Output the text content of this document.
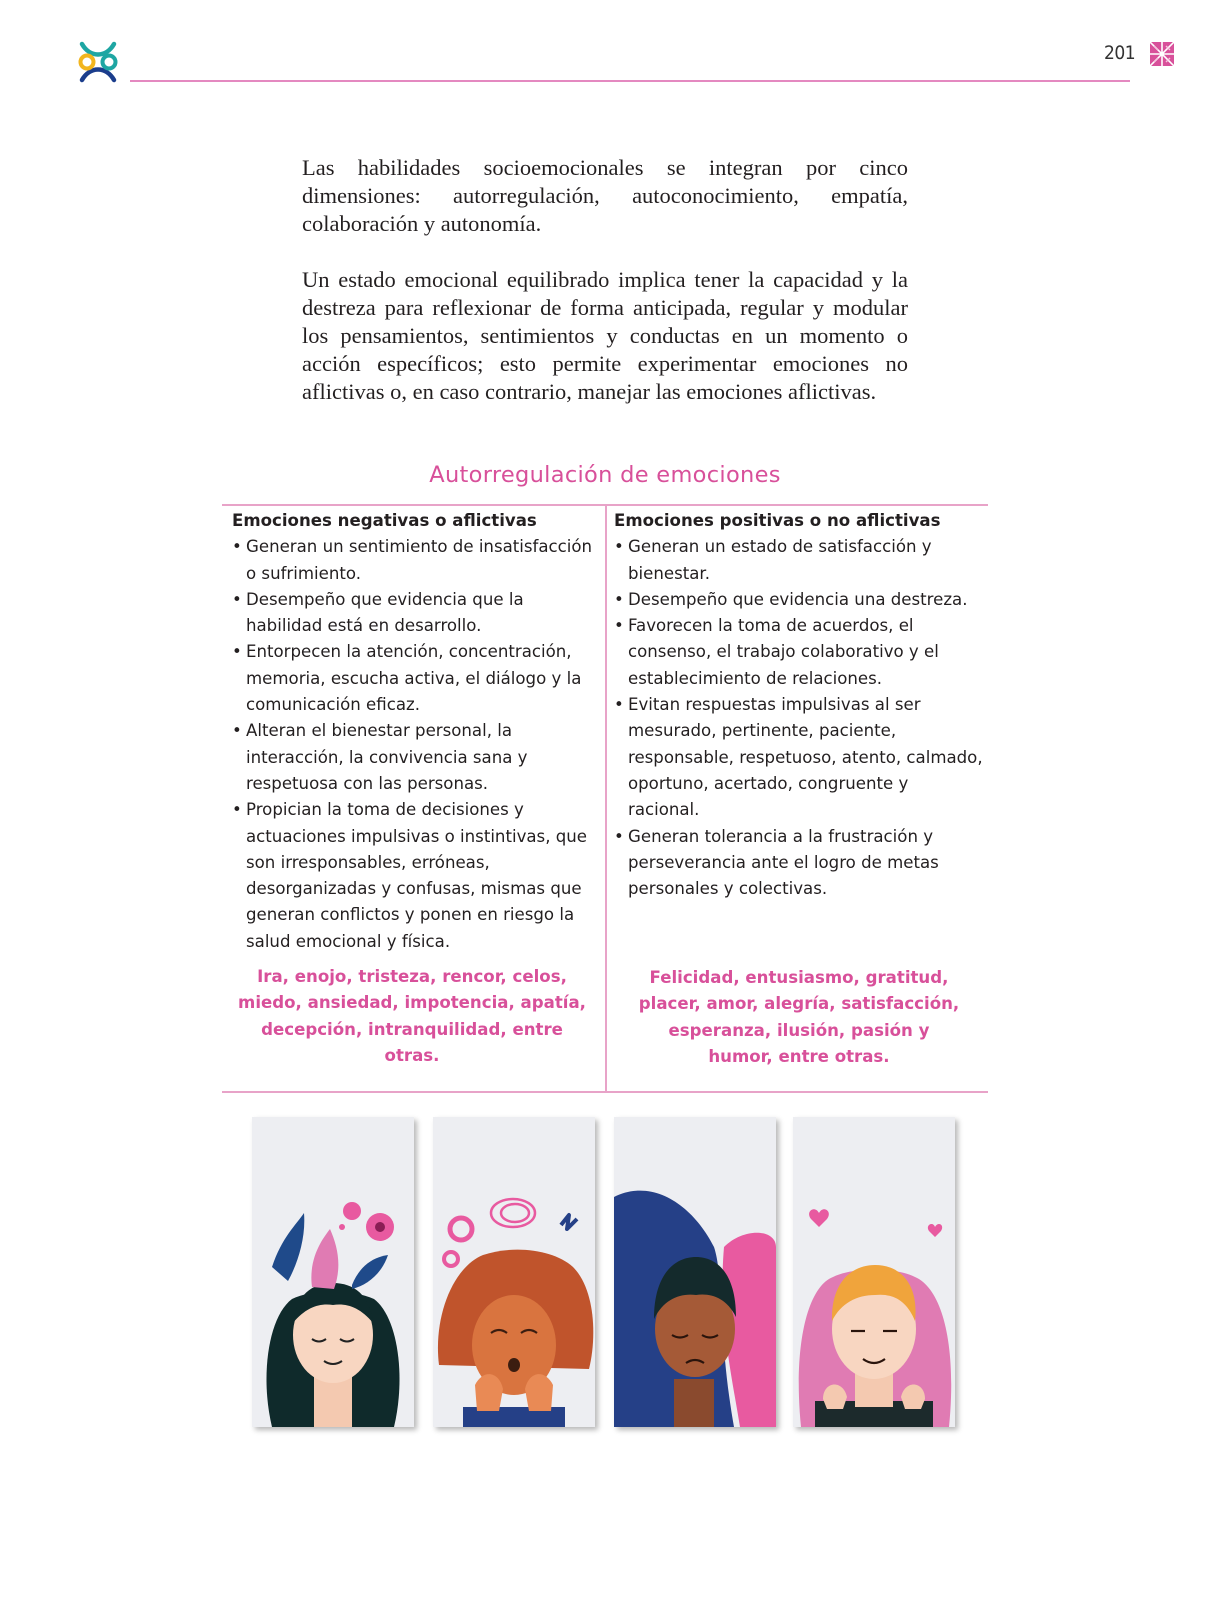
201

Las habilidades socioemocionales se integran por cinco dimensiones: autorregulación, autoconocimiento, empatía, colaboración y autonomía.

Un estado emocional equilibrado implica tener la capacidad y la destreza para reflexionar de forma anticipada, regular y modular los pensamientos, sentimientos y conductas en un momento o acción específicos; esto permite experimentar emociones no aflictivas o, en caso contrario, manejar las emociones aflictivas.

Autorregulación de emociones

Emociones negativas o aflictivas

• Generan un sentimiento de insatisfacción o sufrimiento.
• Desempeño que evidencia que la habilidad está en desarrollo.
• Entorpecen la atención, concentración, memoria, escucha activa, el diálogo y la comunicación eficaz.
• Alteran el bienestar personal, la interacción, la convivencia sana y respetuosa con las personas.
• Propician la toma de decisiones y actuaciones impulsivas o instintivas, que son irresponsables, erróneas, desorganizadas y confusas, mismas que generan conflictos y ponen en riesgo la salud emocional y física.
Ira, enojo, tristeza, rencor, celos, miedo, ansiedad, impotencia, apatía, decepción, intranquilidad, entre otras.

Emociones positivas o no aflictivas

• Generan un estado de satisfacción y bienestar.
• Desempeño que evidencia una destreza.
• Favorecen la toma de acuerdos, el consenso, el trabajo colaborativo y el establecimiento de relaciones.
• Evitan respuestas impulsivas al ser mesurado, pertinente, paciente, responsable, respetuoso, atento, calmado, oportuno, acertado, congruente y racional.
• Generan tolerancia a la frustración y perseverancia ante el logro de metas personales y colectivas.
Felicidad, entusiasmo, gratitud, placer, amor, alegría, satisfacción, esperanza, ilusión, pasión y humor, entre otras.
